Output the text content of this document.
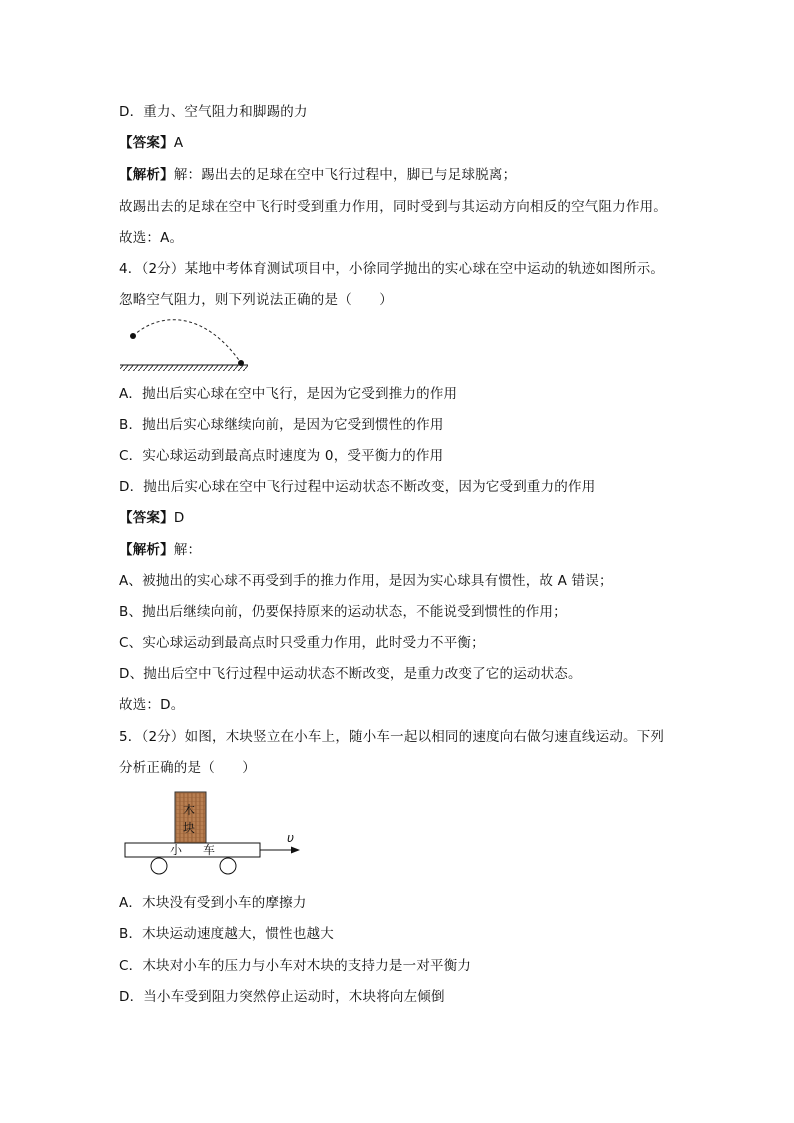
D．重力、空气阻力和脚踢的力
【答案】A
【解析】解：踢出去的足球在空中飞行过程中，脚已与足球脱离；
故踢出去的足球在空中飞行时受到重力作用，同时受到与其运动方向相反的空气阻力作用。
故选：A。
4．（2分）某地中考体育测试项目中，小徐同学抛出的实心球在空中运动的轨迹如图所示。
忽略空气阻力，则下列说法正确的是（　　）
A．抛出后实心球在空中飞行，是因为它受到推力的作用
B．抛出后实心球继续向前，是因为它受到惯性的作用
C．实心球运动到最高点时速度为 0，受平衡力的作用
D．抛出后实心球在空中飞行过程中运动状态不断改变，因为它受到重力的作用
【答案】D
【解析】解：
A、被抛出的实心球不再受到手的推力作用，是因为实心球具有惯性，故 A 错误；
B、抛出后继续向前，仍要保持原来的运动状态，不能说受到惯性的作用；
C、实心球运动到最高点时只受重力作用，此时受力不平衡；
D、抛出后空中飞行过程中运动状态不断改变，是重力改变了它的运动状态。
故选：D。
5．（2分）如图，木块竖立在小车上，随小车一起以相同的速度向右做匀速直线运动。下列
分析正确的是（　　）
木
块
小 车
υ
A．木块没有受到小车的摩擦力
B．木块运动速度越大，惯性也越大
C．木块对小车的压力与小车对木块的支持力是一对平衡力
D．当小车受到阻力突然停止运动时，木块将向左倾倒
